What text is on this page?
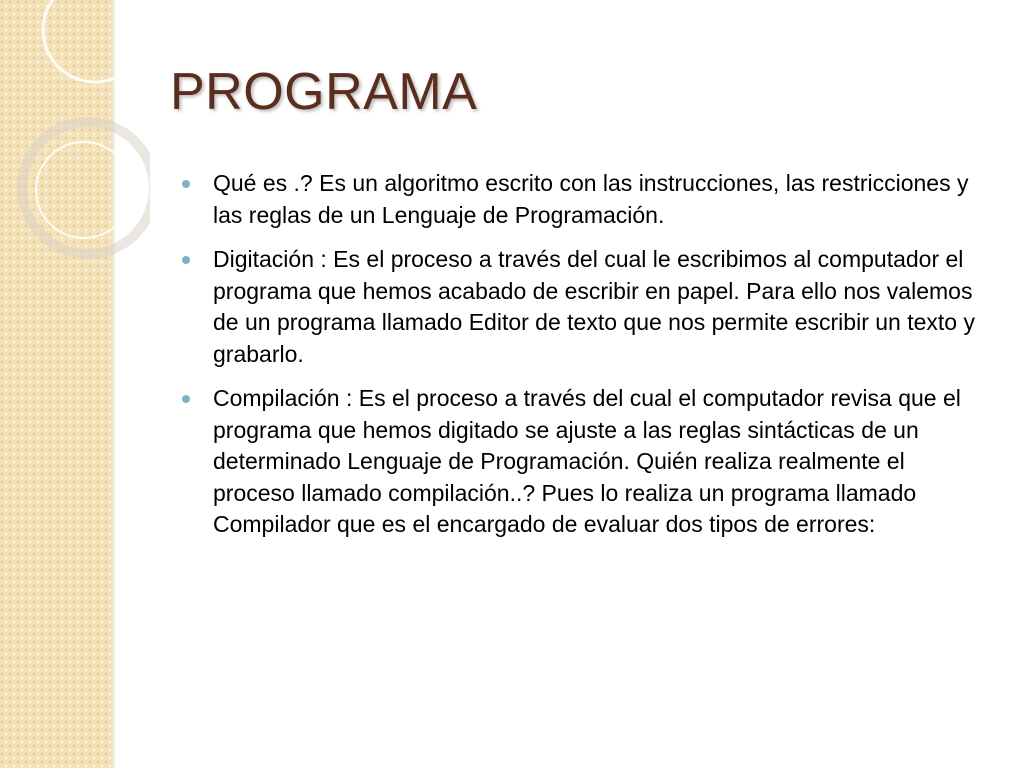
PROGRAMA
Qué es .? Es un algoritmo escrito con las instrucciones, las restricciones y las reglas de un Lenguaje de Programación.
Digitación : Es el proceso a través del cual le escribimos al computador el programa que hemos acabado de escribir en papel. Para ello nos valemos de un programa llamado Editor de texto que nos permite escribir un texto y grabarlo.
Compilación : Es el proceso a través del cual el computador revisa que el programa que hemos digitado se ajuste a las reglas sintácticas de un determinado Lenguaje de Programación. Quién realiza realmente el proceso llamado compilación..? Pues lo realiza un programa llamado Compilador que es el encargado de evaluar dos tipos de errores:
